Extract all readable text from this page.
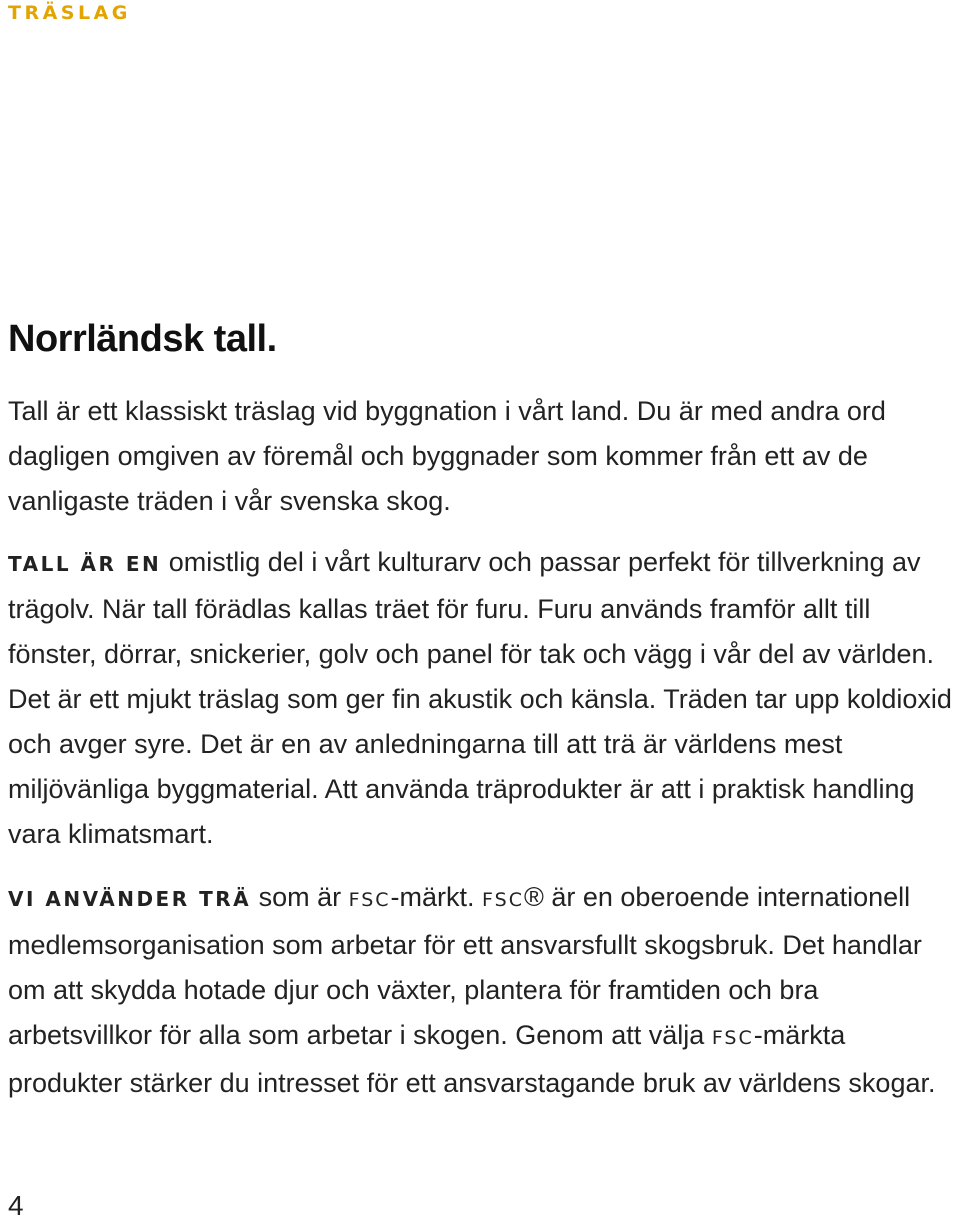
TRÄSLAG
Norrländsk tall.

Tall är ett klassiskt träslag vid byggnation i vårt land. Du är med andra ord dagligen omgiven av föremål och byggnader som kommer från ett av de vanligaste träden i vår svenska skog.

TALL ÄR EN omistlig del i vårt kulturarv och passar perfekt för tillverkning av trägolv. När tall förädlas kallas träet för furu. Furu används framför allt till fönster, dörrar, snickerier, golv och panel för tak och vägg i vår del av världen. Det är ett mjukt träslag som ger fin akustik och känsla. Träden tar upp koldioxid och avger syre. Det är en av anledningarna till att trä är världens mest miljövänliga byggmaterial. Att använda träprodukter är att i praktisk handling vara klimatsmart.

VI ANVÄNDER TRÄ som är FSC-märkt. FSC® är en oberoende internationell medlemsorganisation som arbetar för ett ansvarsfullt skogsbruk. Det handlar om att skydda hotade djur och växter, plantera för framtiden och bra arbetsvillkor för alla som arbetar i skogen. Genom att välja FSC-märkta produkter stärker du intresset för ett ansvarstagande bruk av världens skogar.

4
